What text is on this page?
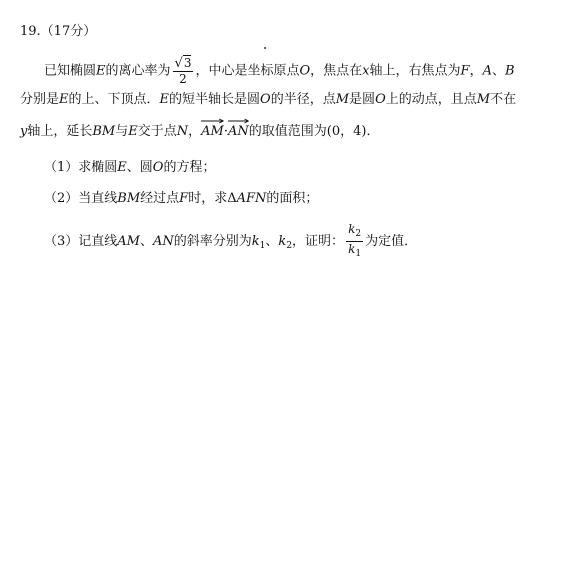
19.（17分）
已知椭圆E的离心率为 $\frac{√3}{2}$ ，中心是坐标原点O，焦点在x轴上，右焦点为F，A、B
分别是E的上、下顶点．E的短半轴长是圆O的半径，点M是圆O上的动点，且点M不在
y轴上，延长BM与E交于点N，
AM·
AN的取值范围为(0，4)．
（1）求椭圆E、圆O的方程；
（2）当直线BM经过点F时，求ΔAFN的面积；
（3）记直线AM、AN的斜率分别为$k_1$、$k_2$，证明： $\frac{k_2}{k_1}$ 为定值．
